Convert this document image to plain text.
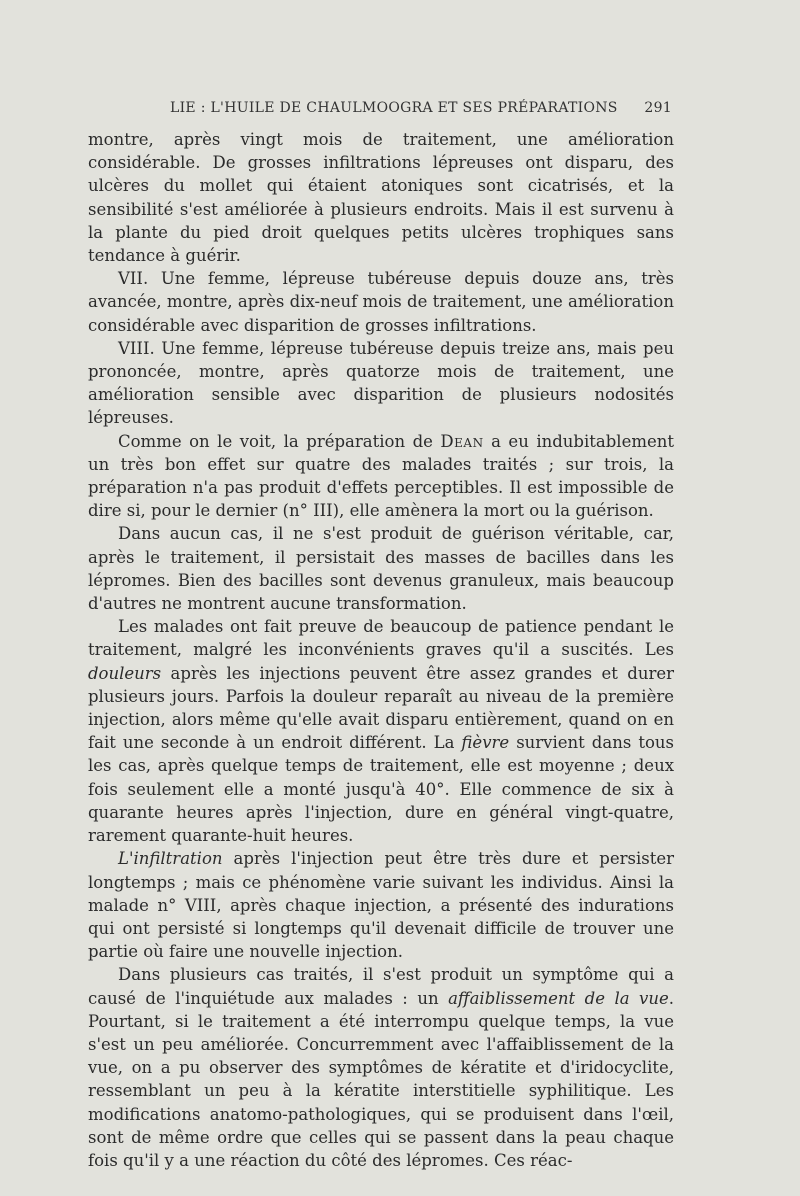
LIE : L'HUILE DE CHAULMOOGRA ET SES PRÉPARATIONS 291

montre, après vingt mois de traitement, une amélioration considérable. De grosses infiltrations lépreuses ont disparu, des ulcères du mollet qui étaient atoniques sont cicatrisés, et la sensibilité s'est améliorée à plusieurs endroits. Mais il est survenu à la plante du pied droit quelques petits ulcères trophiques sans tendance à guérir.

VII. Une femme, lépreuse tubéreuse depuis douze ans, très avancée, montre, après dix-neuf mois de traitement, une amélioration considérable avec disparition de grosses infiltrations.

VIII. Une femme, lépreuse tubéreuse depuis treize ans, mais peu prononcée, montre, après quatorze mois de traitement, une amélioration sensible avec disparition de plusieurs nodosités lépreuses.

Comme on le voit, la préparation de Dean a eu indubitablement un très bon effet sur quatre des malades traités ; sur trois, la préparation n'a pas produit d'effets perceptibles. Il est impossible de dire si, pour le dernier (n° III), elle amènera la mort ou la guérison.

Dans aucun cas, il ne s'est produit de guérison véritable, car, après le traitement, il persistait des masses de bacilles dans les lépromes. Bien des bacilles sont devenus granuleux, mais beaucoup d'autres ne montrent aucune transformation.

Les malades ont fait preuve de beaucoup de patience pendant le traitement, malgré les inconvénients graves qu'il a suscités. Les douleurs après les injections peuvent être assez grandes et durer plusieurs jours. Parfois la douleur reparaît au niveau de la première injection, alors même qu'elle avait disparu entièrement, quand on en fait une seconde à un endroit différent. La fièvre survient dans tous les cas, après quelque temps de traitement, elle est moyenne ; deux fois seulement elle a monté jusqu'à 40°. Elle commence de six à quarante heures après l'injection, dure en général vingt-quatre, rarement quarante-huit heures.

L'infiltration après l'injection peut être très dure et persister longtemps ; mais ce phénomène varie suivant les individus. Ainsi la malade n° VIII, après chaque injection, a présenté des indurations qui ont persisté si longtemps qu'il devenait difficile de trouver une partie où faire une nouvelle injection.

Dans plusieurs cas traités, il s'est produit un symptôme qui a causé de l'inquiétude aux malades : un affaiblissement de la vue. Pourtant, si le traitement a été interrompu quelque temps, la vue s'est un peu améliorée. Concurremment avec l'affaiblissement de la vue, on a pu observer des symptômes de kératite et d'iridocyclite, ressemblant un peu à la kératite interstitielle syphilitique. Les modifications anatomo-pathologiques, qui se produisent dans l'œil, sont de même ordre que celles qui se passent dans la peau chaque fois qu'il y a une réaction du côté des lépromes. Ces réac-
